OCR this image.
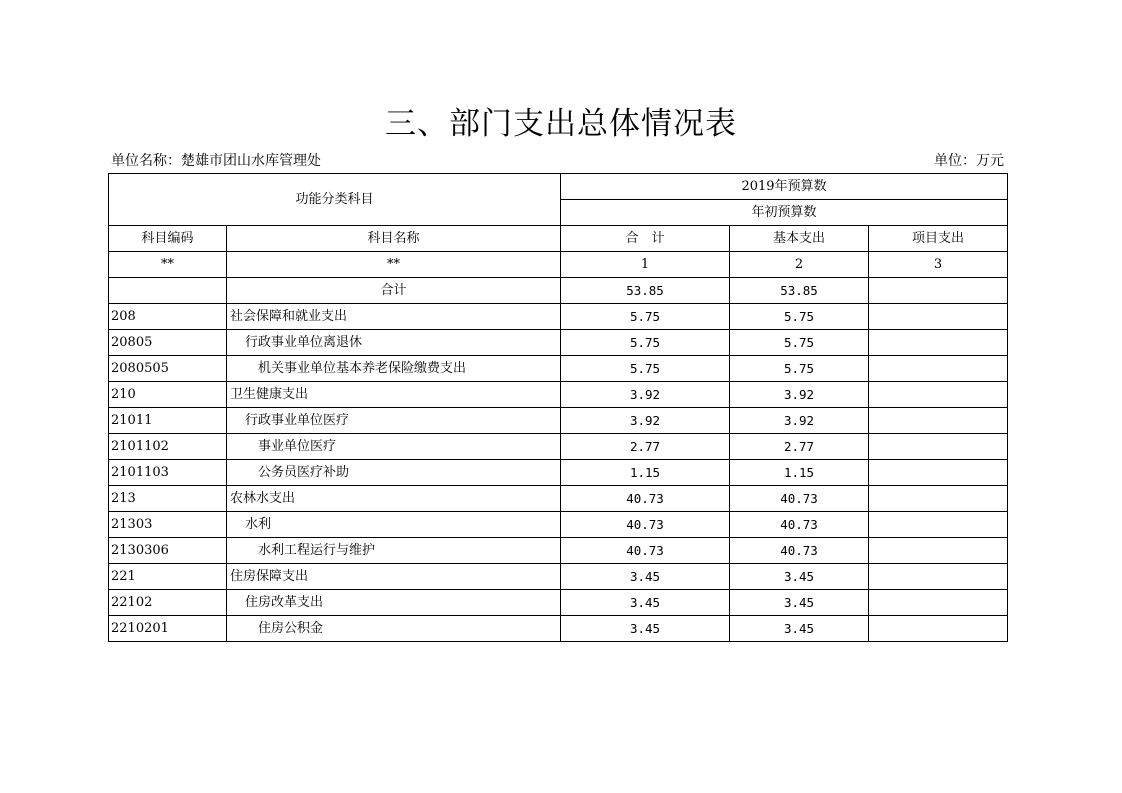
三、部门支出总体情况表
单位名称：楚雄市团山水库管理处	单位：万元
功能分类科目		2019年预算数		
		年初预算数		
科目编码	科目名称	合　计	基本支出	项目支出
**	**	1	2	3
	合计	53.85	53.85	
208	社会保障和就业支出	5.75	5.75	
20805	行政事业单位离退休	5.75	5.75	
2080505	机关事业单位基本养老保险缴费支出	5.75	5.75	
210	卫生健康支出	3.92	3.92	
21011	行政事业单位医疗	3.92	3.92	
2101102	事业单位医疗	2.77	2.77	
2101103	公务员医疗补助	1.15	1.15	
213	农林水支出	40.73	40.73	
21303	水利	40.73	40.73	
2130306	水利工程运行与维护	40.73	40.73	
221	住房保障支出	3.45	3.45	
22102	住房改革支出	3.45	3.45	
2210201	住房公积金	3.45	3.45	
